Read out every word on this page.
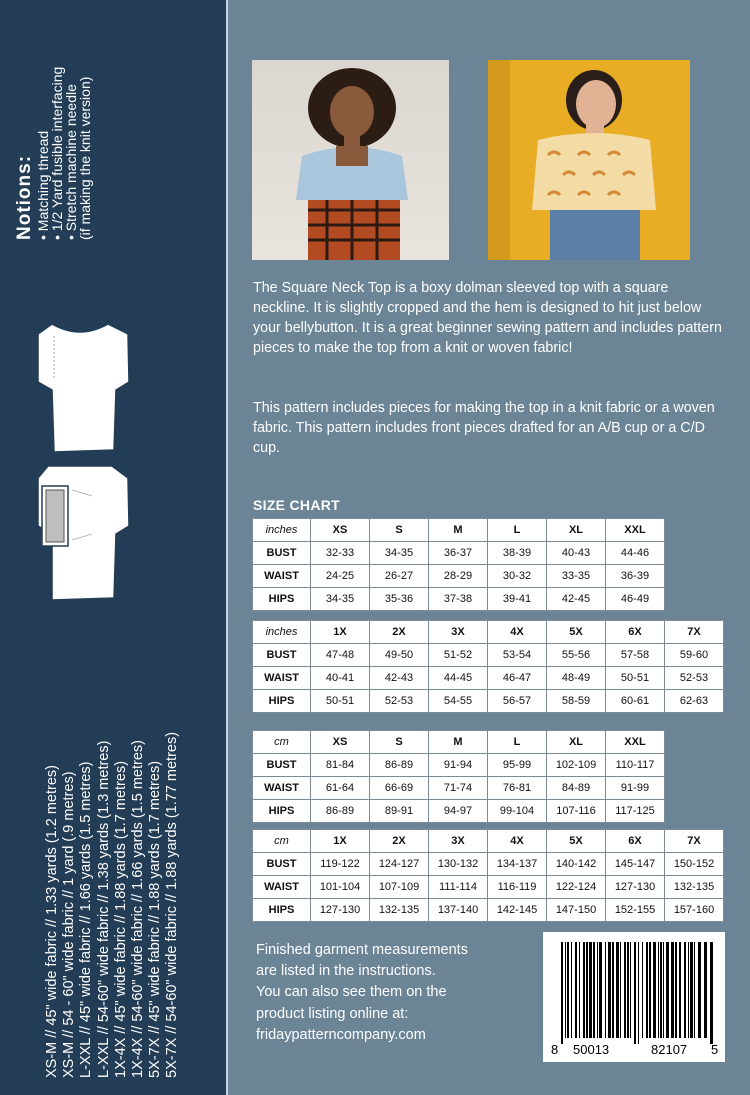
Notions: • Matching thread
• 1/2 Yard fusible interfacing
• Stretch machine needle
(if making the knit version)
XS-M // 45" wide fabric // 1.33 yards (1.2 metres) XS-M // 54 - 60" wide fabric // 1 yard (.9 metres) L-XXL // 45" wide fabric // 1.66 yards (1.5 metres) L-XXL // 54-60" wide fabric // 1.38 yards (1.3 metres) 1X-4X // 45" wide fabric // 1.88 yards (1.7 metres) 1X-4X // 54-60" wide fabric // 1.66 yards (1.5 metres) 5X-7X // 45" wide fabric // 1.88 yards (1.7 metres) 5X-7X // 54-60" wide fabric // 1.88 yards (1.77 metres)

The Square Neck Top is a boxy dolman sleeved top with a square neckline. It is slightly cropped and the hem is designed to hit just below your bellybutton. It is a great beginner sewing pattern and includes pattern pieces to make the top from a knit or woven fabric!

This pattern includes pieces for making the top in a knit fabric or a woven fabric. This pattern includes front pieces drafted for an A/B cup or a C/D cup.

SIZE CHART
inches	XS	S	M	L	XL	XXL
BUST	32-33	34-35	36-37	38-39	40-43	44-46
WAIST	24-25	26-27	28-29	30-32	33-35	36-39
HIPS	34-35	35-36	37-38	39-41	42-45	46-49
inches	1X	2X	3X	4X	5X	6X	7X
BUST	47-48	49-50	51-52	53-54	55-56	57-58	59-60
WAIST	40-41	42-43	44-45	46-47	48-49	50-51	52-53
HIPS	50-51	52-53	54-55	56-57	58-59	60-61	62-63
cm	XS	S	M	L	XL	XXL
BUST	81-84	86-89	91-94	95-99	102-109	110-117
WAIST	61-64	66-69	71-74	76-81	84-89	91-99
HIPS	86-89	89-91	94-97	99-104	107-116	117-125
cm	1X	2X	3X	4X	5X	6X	7X
BUST	119-122	124-127	130-132	134-137	140-142	145-147	150-152
WAIST	101-104	107-109	111-114	116-119	122-124	127-130	132-135
HIPS	127-130	132-135	137-140	142-145	147-150	152-155	157-160
Finished garment measurements
are listed in the instructions.
You can also see them on the
product listing online at:
fridaypatterncompany.com
8 50013	82107 5
